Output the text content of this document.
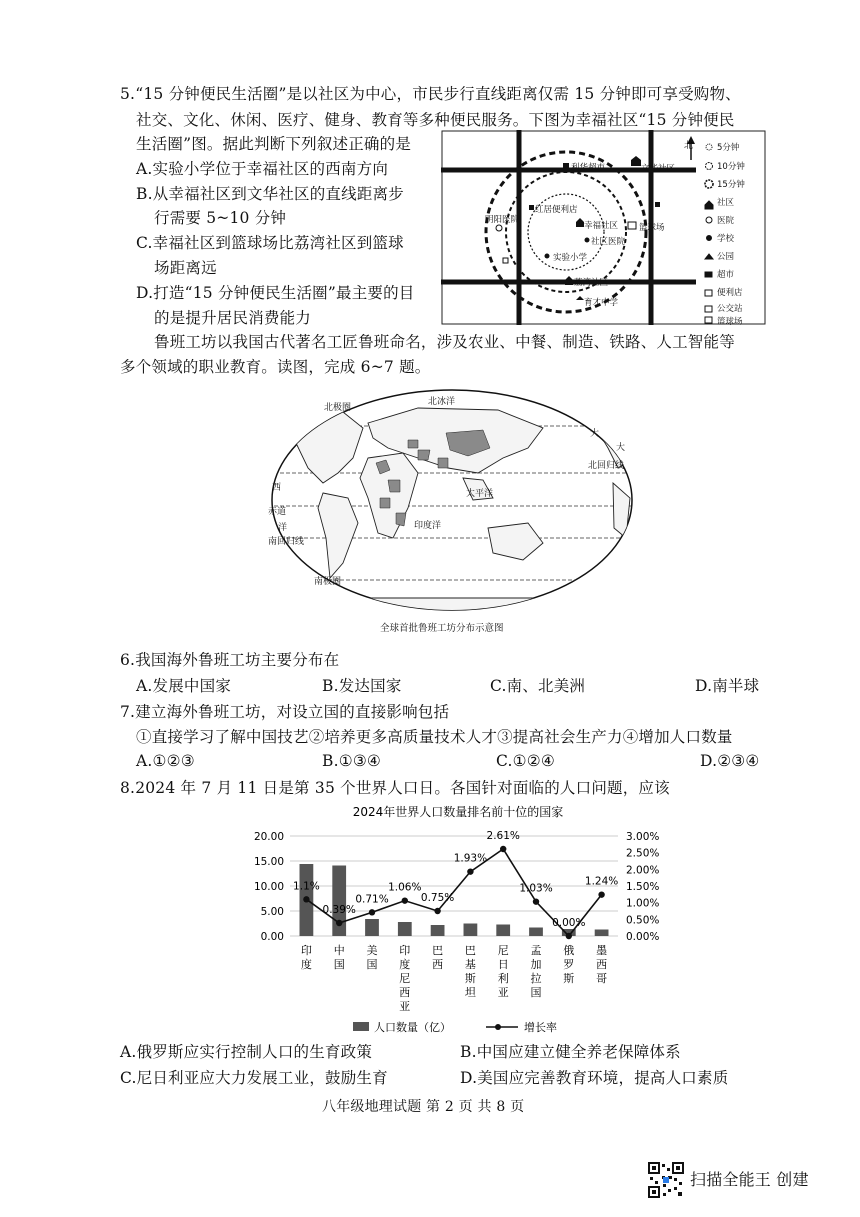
5.“15 分钟便民生活圈”是以社区为中心，市民步行直线距离仅需 15 分钟即可享受购物、
社交、文化、休闲、医疗、健身、教育等多种便民服务。下图为幸福社区“15 分钟便民
生活圈”图。据此判断下列叙述正确的是
A.实验小学位于幸福社区的西南方向
B.从幸福社区到文华社区的直线距离步
行需要 5~10 分钟
C.幸福社区到篮球场比荔湾社区到篮球
场距离远
D.打造“15 分钟便民生活圈”最主要的目
的是提升居民消费能力
北
利华超市	文华社区
红居便利店
明阳医院
幸福社区 篮球场
社区医院
实验小学
荔湾社区
育才中学
5分钟
10分钟
15分钟
社区
医院
学校
公园
超市
便利店
公交站
篮球场
鲁班工坊以我国古代著名工匠鲁班命名，涉及农业、中餐、制造、铁路、人工智能等
多个领域的职业教育。读图，完成 6~7 题。
北极圈
北冰洋
大
大
西
北回归线
太平洋
赤道
洋	印度洋
南回归线
南极圈
全球首批鲁班工坊分布示意图
6.我国海外鲁班工坊主要分布在
A.发展中国家	B.发达国家	C.南、北美洲	D.南半球
7.建立海外鲁班工坊，对设立国的直接影响包括
①直接学习了解中国技艺②培养更多高质量技术人才③提高社会生产力④增加人口数量
A.①②③	B.①③④	C.①②④	D.②③④
8.2024 年 7 月 11 日是第 35 个世界人口日。各国针对面临的人口问题，应该
2024年世界人口数量排名前十位的国家
0.00
5.00
10.00
15.00
20.00
0.00%
0.50%
1.00%
1.50%
2.00%
2.50%
3.00%
1.1%
0.39%
0.71%
1.06%
0.75%
1.93%
2.61%
1.03%
0.00%
1.24%
印度
中国
美国
印度尼西亚
巴西
巴基斯坦
尼日利亚
孟加拉国
俄罗斯
墨西哥
人口数量（亿）	增长率
A.俄罗斯应实行控制人口的生育政策	B.中国应建立健全养老保障体系
C.尼日利亚应大力发展工业，鼓励生育	D.美国应完善教育环境，提高人口素质
八年级地理试题 第 2 页 共 8 页
扫描全能王 创建
